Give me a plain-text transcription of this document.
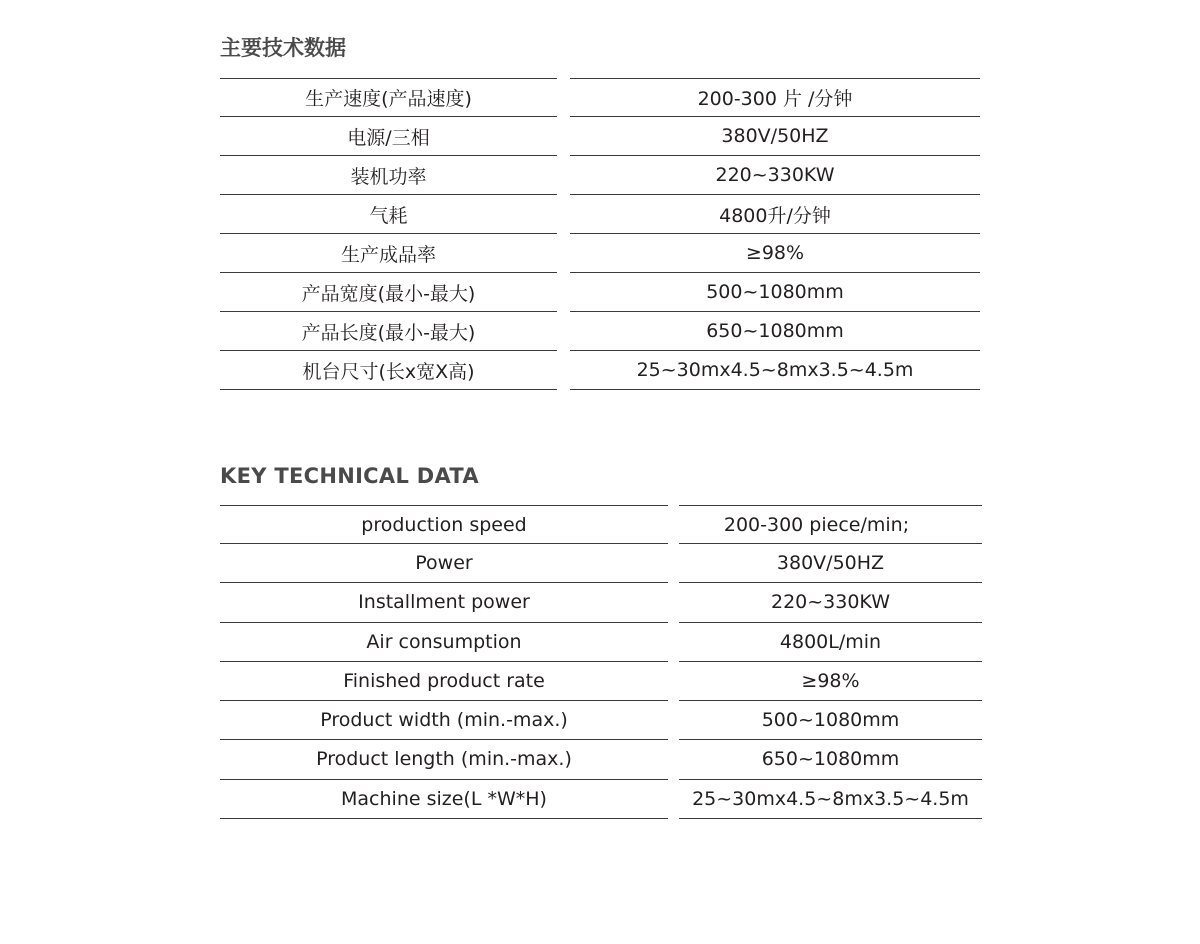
主要技术数据
生产速度(产品速度)	200-300 片 /分钟
电源/三相	380V/50HZ
装机功率	220~330KW
气耗	4800升/分钟
生产成品率	≥98%
产品宽度(最小-最大)	500~1080mm
产品长度(最小-最大)	650~1080mm
机台尺寸(长x宽X高)	25~30mx4.5~8mx3.5~4.5m
KEY TECHNICAL DATA
production speed	200-300 piece/min;
Power	380V/50HZ
Installment power	220~330KW
Air consumption	4800L/min
Finished product rate	≥98%
Product width (min.-max.)	500~1080mm
Product length (min.-max.)	650~1080mm
Machine size(L *W*H)	25~30mx4.5~8mx3.5~4.5m
